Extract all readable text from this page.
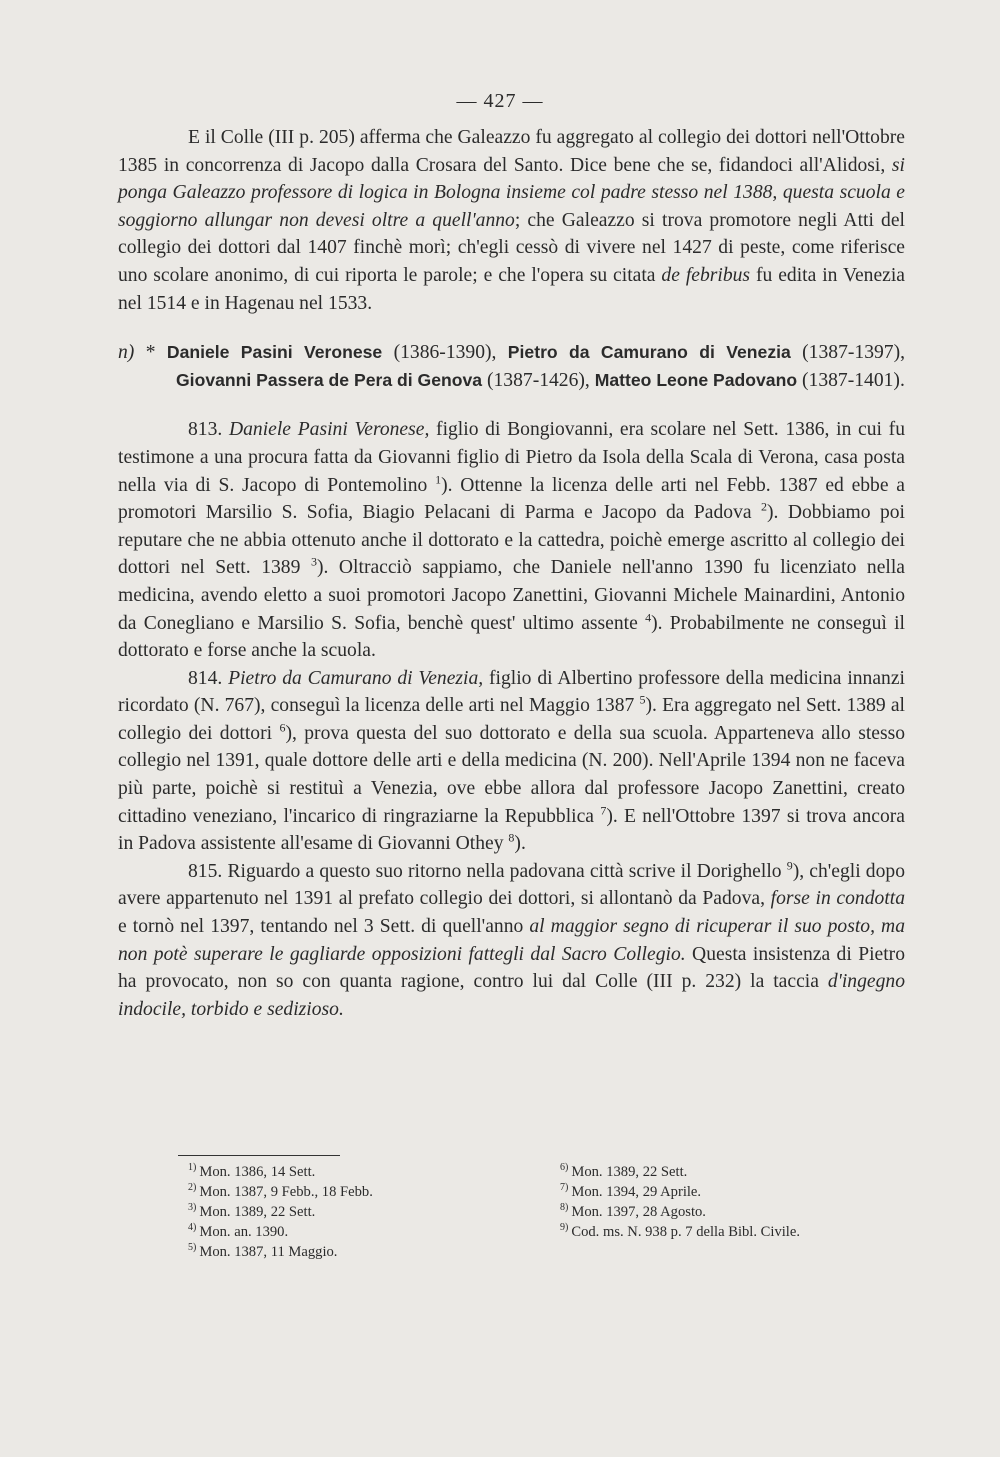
— 427 —

E il Colle (III p. 205) afferma che Galeazzo fu aggregato al collegio dei dottori nell'Ottobre 1385 in concorrenza di Jacopo dalla Crosara del Santo. Dice bene che se, fidandoci all'Alidosi, si ponga Galeazzo professore di logica in Bologna insieme col padre stesso nel 1388, questa scuola e soggiorno allungar non devesi oltre a quell'anno; che Galeazzo si trova promotore negli Atti del collegio dei dottori dal 1407 finchè morì; ch'egli cessò di vivere nel 1427 di peste, come riferisce uno scolare anonimo, di cui riporta le parole; e che l'opera su citata de febribus fu edita in Venezia nel 1514 e in Hagenau nel 1533.

n) * Daniele Pasini Veronese (1386-1390), Pietro da Camurano di Venezia (1387-1397), Giovanni Passera de Pera di Genova (1387-1426), Matteo Leone Padovano (1387-1401).

813. Daniele Pasini Veronese, figlio di Bongiovanni, era scolare nel Sett. 1386, in cui fu testimone a una procura fatta da Giovanni figlio di Pietro da Isola della Scala di Verona, casa posta nella via di S. Jacopo di Pontemolino $^1$). Ottenne la licenza delle arti nel Febb. 1387 ed ebbe a promotori Marsilio S. Sofia, Biagio Pelacani di Parma e Jacopo da Padova $^2$). Dobbiamo poi reputare che ne abbia ottenuto anche il dottorato e la cattedra, poichè emerge ascritto al collegio dei dottori nel Sett. 1389 $^3$). Oltracciò sappiamo, che Daniele nell'anno 1390 fu licenziato nella medicina, avendo eletto a suoi promotori Jacopo Zanettini, Giovanni Michele Mainardini, Antonio da Conegliano e Marsilio S. Sofia, benchè quest' ultimo assente $^4$). Probabilmente ne conseguì il dottorato e forse anche la scuola.

814. Pietro da Camurano di Venezia, figlio di Albertino professore della medicina innanzi ricordato (N. 767), conseguì la licenza delle arti nel Maggio 1387 $^5$). Era aggregato nel Sett. 1389 al collegio dei dottori $^6$), prova questa del suo dottorato e della sua scuola. Apparteneva allo stesso collegio nel 1391, quale dottore delle arti e della medicina (N. 200). Nell'Aprile 1394 non ne faceva più parte, poichè si restituì a Venezia, ove ebbe allora dal professore Jacopo Zanettini, creato cittadino veneziano, l'incarico di ringraziarne la Repubblica $^7$). E nell'Ottobre 1397 si trova ancora in Padova assistente all'esame di Giovanni Othey $^8$).

815. Riguardo a questo suo ritorno nella padovana città scrive il Dorighello $^9$), ch'egli dopo avere appartenuto nel 1391 al prefato collegio dei dottori, si allontanò da Padova, forse in condotta e tornò nel 1397, tentando nel 3 Sett. di quell'anno al maggior segno di ricuperar il suo posto, ma non potè superare le gagliarde opposizioni fattegli dal Sacro Collegio. Questa insistenza di Pietro ha provocato, non so con quanta ragione, contro lui dal Colle (III p. 232) la taccia d'ingegno indocile, torbido e sedizioso.

$^{1)}$ Mon. 1386, 14 Sett.
$^{2)}$ Mon. 1387, 9 Febb., 18 Febb.
$^{3)}$ Mon. 1389, 22 Sett.
$^{4)}$ Mon. an. 1390.
$^{5)}$ Mon. 1387, 11 Maggio.
$^{6)}$ Mon. 1389, 22 Sett.
$^{7)}$ Mon. 1394, 29 Aprile.
$^{8)}$ Mon. 1397, 28 Agosto.
$^{9)}$ Cod. ms. N. 938 p. 7 della Bibl. Civile.
